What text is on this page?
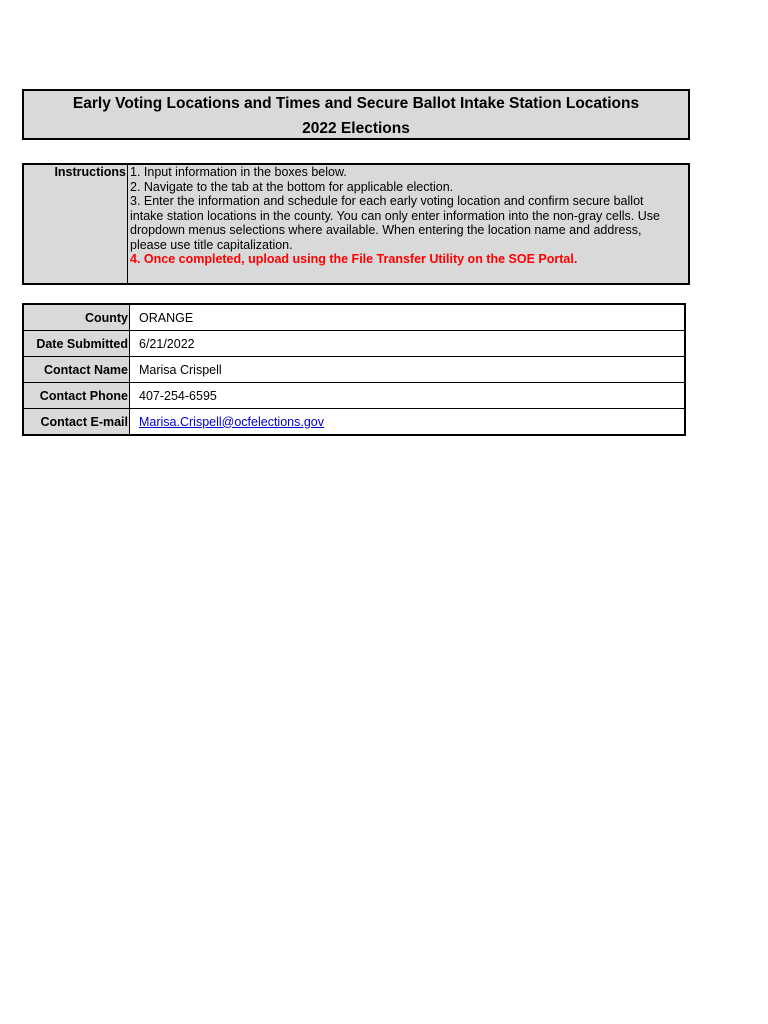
Early Voting Locations and Times and Secure Ballot Intake Station Locations
2022 Elections
Instructions 1. Input information in the boxes below.
2. Navigate to the tab at the bottom for applicable election.
3. Enter the information and schedule for each early voting location and confirm secure ballot
intake station locations in the county. You can only enter information into the non-gray cells. Use
dropdown menus selections where available. When entering the location name and address,
please use title capitalization.
4. Once completed, upload using the File Transfer Utility on the SOE Portal.
County	ORANGE
Date Submitted	6/21/2022
Contact Name	Marisa Crispell
Contact Phone	407-254-6595
Contact E-mail	Marisa.Crispell@ocfelections.gov
